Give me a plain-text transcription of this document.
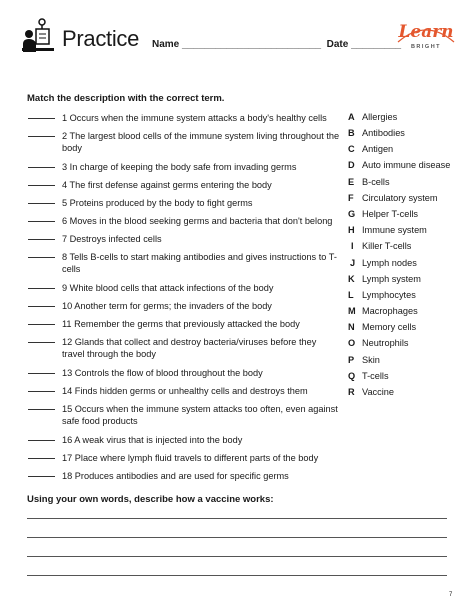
Practice Name _________________________  Date _________
Learn
BRIGHT
Match the description with the correct term.
1 Occurs when the immune system attacks a body's healthy cells
2 The largest blood cells of the immune system living throughout the body
3 In charge of keeping the body safe from invading germs
4 The first defense against germs entering the body
5 Proteins produced by the body to fight germs
6 Moves in the blood seeking germs and bacteria that don't belong
7 Destroys infected cells
8 Tells B-cells to start making antibodies and gives instructions to T-cells
9 White blood cells that attack infections of the body
10 Another term for germs; the invaders of the body
11 Remember the germs that previously attacked the body
12 Glands that collect and destroy bacteria/viruses before they travel through the body
13 Controls the flow of blood throughout the body
14 Finds hidden germs or unhealthy cells and destroys them
15 Occurs when the immune system attacks too often, even against safe food products
16 A weak virus that is injected into the body
17 Place where lymph fluid travels to different parts of the body
18 Produces antibodies and are used for specific germs
A Allergies
B Antibodies
C Antigen
D Auto immune disease
E B-cells
F Circulatory system
G Helper T-cells
H Immune system
I Killer T-cells
J Lymph nodes
K Lymph system
L Lymphocytes
M Macrophages
N Memory cells
O Neutrophils
P Skin
Q T-cells
R Vaccine
Using your own words, describe how a vaccine works:
7
